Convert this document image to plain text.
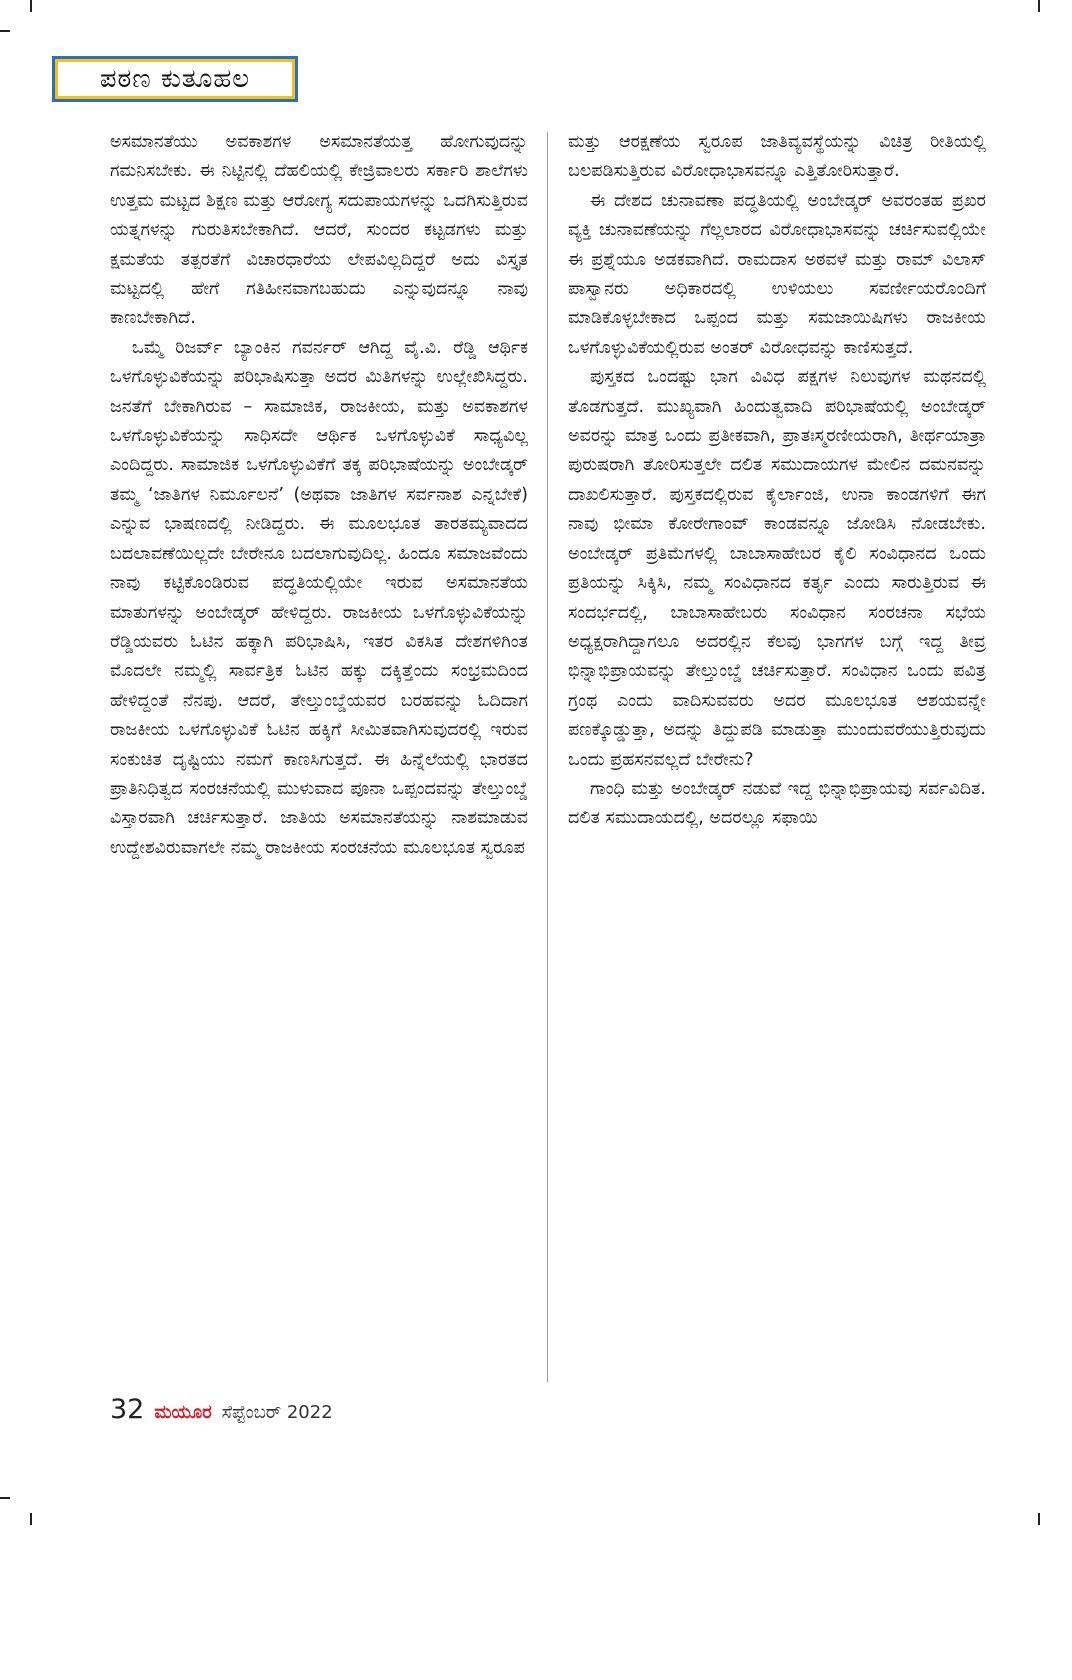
ಪಠಣ ಕುತೂಹಲ

ಅಸಮಾನತೆಯು ಅವಕಾಶಗಳ ಅಸಮಾನತೆಯತ್ತ ಹೋಗುವುದನ್ನು ಗಮನಿಸಬೇಕು. ಈ ನಿಟ್ಟಿನಲ್ಲಿ ದೆಹಲಿಯಲ್ಲಿ ಕೇಜ್ರಿವಾಲರು ಸರ್ಕಾರಿ ಶಾಲೆಗಳು ಉತ್ತಮ ಮಟ್ಟದ ಶಿಕ್ಷಣ ಮತ್ತು ಆರೋಗ್ಯ ಸದುಪಾಯಗಳನ್ನು ಒದಗಿಸುತ್ತಿರುವ ಯತ್ನಗಳನ್ನು ಗುರುತಿಸಬೇಕಾಗಿದೆ. ಆದರೆ, ಸುಂದರ ಕಟ್ಟಡಗಳು ಮತ್ತು ಕ್ಷಮತೆಯ ತತ್ಪರತೆಗೆ ವಿಚಾರಧಾರೆಯ ಲೇಪವಿಲ್ಲದಿದ್ದರೆ ಅದು ವಿಸ್ತೃತ ಮಟ್ಟದಲ್ಲಿ ಹೇಗೆ ಗತಿಹೀನವಾಗಬಹುದು ಎನ್ನುವುದನ್ನೂ ನಾವು ಕಾಣಬೇಕಾಗಿದೆ.

ಒಮ್ಮೆ ರಿಜರ್ವ್ ಬ್ಯಾಂಕಿನ ಗವರ್ನರ್ ಆಗಿದ್ದ ವೈ.ವಿ. ರೆಡ್ಡಿ ಆರ್ಥಿಕ ಒಳಗೊಳ್ಳುವಿಕೆಯನ್ನು ಪರಿಭಾಷಿಸುತ್ತಾ ಅದರ ಮಿತಿಗಳನ್ನು ಉಲ್ಲೇಖಿಸಿದ್ದರು. ಜನತೆಗೆ ಬೇಕಾಗಿರುವ – ಸಾಮಾಜಿಕ, ರಾಜಕೀಯ, ಮತ್ತು ಅವಕಾಶಗಳ ಒಳಗೊಳ್ಳುವಿಕೆಯನ್ನು ಸಾಧಿಸದೇ ಆರ್ಥಿಕ ಒಳಗೊಳ್ಳುವಿಕೆ ಸಾಧ್ಯವಿಲ್ಲ ಎಂದಿದ್ದರು. ಸಾಮಾಜಿಕ ಒಳಗೊಳ್ಳುವಿಕೆಗೆ ತಕ್ಕ ಪರಿಭಾಷೆಯನ್ನು ಅಂಬೇಡ್ಕರ್ ತಮ್ಮ ‘ಜಾತಿಗಳ ನಿರ್ಮೂಲನೆ’ (ಅಥವಾ ಜಾತಿಗಳ ಸರ್ವನಾಶ ಎನ್ನಬೇಕೆ) ಎನ್ನುವ ಭಾಷಣದಲ್ಲಿ ನೀಡಿದ್ದರು. ಈ ಮೂಲಭೂತ ತಾರತಮ್ಯವಾದದ ಬದಲಾವಣೆಯಿಲ್ಲದೇ ಬೇರೇನೂ ಬದಲಾಗುವುದಿಲ್ಲ. ಹಿಂದೂ ಸಮಾಜವೆಂದು ನಾವು ಕಟ್ಟಿಕೊಂಡಿರುವ ಪದ್ಧತಿಯಲ್ಲಿಯೇ ಇರುವ ಅಸಮಾನತೆಯ ಮಾತುಗಳನ್ನು ಅಂಬೇಡ್ಕರ್ ಹೇಳಿದ್ದರು. ರಾಜಕೀಯ ಒಳಗೊಳ್ಳುವಿಕೆಯನ್ನು ರೆಡ್ಡಿಯವರು ಓಟಿನ ಹಕ್ಕಾಗಿ ಪರಿಭಾಷಿಸಿ, ಇತರ ವಿಕಸಿತ ದೇಶಗಳಿಗಿಂತ ಮೊದಲೇ ನಮ್ಮಲ್ಲಿ ಸಾರ್ವತ್ರಿಕ ಓಟಿನ ಹಕ್ಕು ದಕ್ಕಿತ್ತೆಂದು ಸಂಭ್ರಮದಿಂದ ಹೇಳಿದ್ದಂತೆ ನೆನಪು. ಆದರೆ, ತೇಲ್ತುಂಬ್ಡೆಯವರ ಬರಹವನ್ನು ಓದಿದಾಗ ರಾಜಕೀಯ ಒಳಗೊಳ್ಳುವಿಕೆ ಓಟಿನ ಹಕ್ಕಿಗೆ ಸೀಮಿತವಾಗಿಸುವುದರಲ್ಲಿ ಇರುವ ಸಂಕುಚಿತ ದೃಷ್ಟಿಯು ನಮಗೆ ಕಾಣಸಿಗುತ್ತದೆ. ಈ ಹಿನ್ನೆಲೆಯಲ್ಲಿ ಭಾರತದ ಪ್ರಾತಿನಿಧಿತ್ವದ ಸಂರಚನೆಯಲ್ಲಿ ಮುಳುವಾದ ಪೂನಾ ಒಪ್ಪಂದವನ್ನು ತೇಲ್ತುಂಬ್ಡೆ ವಿಸ್ತಾರವಾಗಿ ಚರ್ಚಿಸುತ್ತಾರೆ. ಜಾತಿಯ ಅಸಮಾನತೆಯನ್ನು ನಾಶಮಾಡುವ ಉದ್ದೇಶವಿರುವಾಗಲೇ ನಮ್ಮ ರಾಜಕೀಯ ಸಂರಚನೆಯ ಮೂಲಭೂತ ಸ್ವರೂಪ

ಮತ್ತು ಆರಕ್ಷಣೆಯ ಸ್ವರೂಪ ಜಾತಿವ್ಯವಸ್ಥೆಯನ್ನು ವಿಚಿತ್ರ ರೀತಿಯಲ್ಲಿ ಬಲಪಡಿಸುತ್ತಿರುವ ವಿರೋಧಾಭಾಸವನ್ನೂ ಎತ್ತಿತೋರಿಸುತ್ತಾರೆ.

ಈ ದೇಶದ ಚುನಾವಣಾ ಪದ್ಧತಿಯಲ್ಲಿ ಅಂಬೇಡ್ಕರ್ ಅವರಂತಹ ಪ್ರಖರ ವ್ಯಕ್ತಿ ಚುನಾವಣೆಯನ್ನು ಗೆಲ್ಲಲಾರದ ವಿರೋಧಾಭಾಸವನ್ನು ಚರ್ಚಿಸುವಲ್ಲಿಯೇ ಈ ಪ್ರಶ್ನೆಯೂ ಅಡಕವಾಗಿದೆ. ರಾಮದಾಸ ಅಠವಳೆ ಮತ್ತು ರಾಮ್ ವಿಲಾಸ್ ಪಾಸ್ವಾನರು ಅಧಿಕಾರದಲ್ಲಿ ಉಳಿಯಲು ಸವರ್ಣೀಯರೊಂದಿಗೆ ಮಾಡಿಕೊಳ್ಳಬೇಕಾದ ಒಪ್ಪಂದ ಮತ್ತು ಸಮಜಾಯಿಷಿಗಳು ರಾಜಕೀಯ ಒಳಗೊಳ್ಳುವಿಕೆಯಲ್ಲಿರುವ ಅಂತರ್ ವಿರೋಧವನ್ನು ಕಾಣಿಸುತ್ತದೆ.

ಪುಸ್ತಕದ ಒಂದಷ್ಟು ಭಾಗ ವಿವಿಧ ಪಕ್ಷಗಳ ನಿಲುವುಗಳ ಮಥನದಲ್ಲಿ ತೊಡಗುತ್ತದೆ. ಮುಖ್ಯವಾಗಿ ಹಿಂದುತ್ವವಾದಿ ಪರಿಭಾಷೆಯಲ್ಲಿ ಅಂಬೇಡ್ಕರ್ ಅವರನ್ನು ಮಾತ್ರ ಒಂದು ಪ್ರತೀಕವಾಗಿ, ಪ್ರಾತಃಸ್ಮರಣೀಯರಾಗಿ, ತೀರ್ಥಯಾತ್ರಾ ಪುರುಷರಾಗಿ ತೋರಿಸುತ್ತಲೇ ದಲಿತ ಸಮುದಾಯಗಳ ಮೇಲಿನ ದಮನವನ್ನು ದಾಖಲಿಸುತ್ತಾರೆ. ಪುಸ್ತಕದಲ್ಲಿರುವ ಕೈರ್ಲಾಂಜಿ, ಉನಾ ಕಾಂಡಗಳಿಗೆ ಈಗ ನಾವು ಭೀಮಾ ಕೋರೇಗಾಂವ್ ಕಾಂಡವನ್ನೂ ಜೋಡಿಸಿ ನೋಡಬೇಕು. ಅಂಬೇಡ್ಕರ್ ಪ್ರತಿಮೆಗಳಲ್ಲಿ ಬಾಬಾಸಾಹೇಬರ ಕೈಲಿ ಸಂವಿಧಾನದ ಒಂದು ಪ್ರತಿಯನ್ನು ಸಿಕ್ಕಿಸಿ, ನಮ್ಮ ಸಂವಿಧಾನದ ಕರ್ತೃ ಎಂದು ಸಾರುತ್ತಿರುವ ಈ ಸಂದರ್ಭದಲ್ಲಿ, ಬಾಬಾಸಾಹೇಬರು ಸಂವಿಧಾನ ಸಂರಚನಾ ಸಭೆಯ ಅಧ್ಯಕ್ಷರಾಗಿದ್ದಾಗಲೂ ಅದರಲ್ಲಿನ ಕೆಲವು ಭಾಗಗಳ ಬಗ್ಗೆ ಇದ್ದ ತೀವ್ರ ಭಿನ್ನಾಭಿಪ್ರಾಯವನ್ನು ತೇಲ್ತುಂಬ್ಡೆ ಚರ್ಚಿಸುತ್ತಾರೆ. ಸಂವಿಧಾನ ಒಂದು ಪವಿತ್ರ ಗ್ರಂಥ ಎಂದು ವಾದಿಸುವವರು ಅದರ ಮೂಲಭೂತ ಆಶಯವನ್ನೇ ಪಣಕ್ಕೊಡ್ಡುತ್ತಾ, ಅದನ್ನು ತಿದ್ದುಪಡಿ ಮಾಡುತ್ತಾ ಮುಂದುವರೆಯುತ್ತಿರುವುದು ಒಂದು ಪ್ರಹಸನವಲ್ಲದೆ ಬೇರೇನು?

ಗಾಂಧಿ ಮತ್ತು ಅಂಬೇಡ್ಕರ್ ನಡುವೆ ಇದ್ದ ಭಿನ್ನಾಭಿಪ್ರಾಯವು ಸರ್ವವಿದಿತ. ದಲಿತ ಸಮುದಾಯದಲ್ಲಿ, ಅದರಲ್ಲೂ ಸಫಾಯಿ

32 ಮಯೂರ ಸೆಪ್ಟೆಂಬರ್ 2022
